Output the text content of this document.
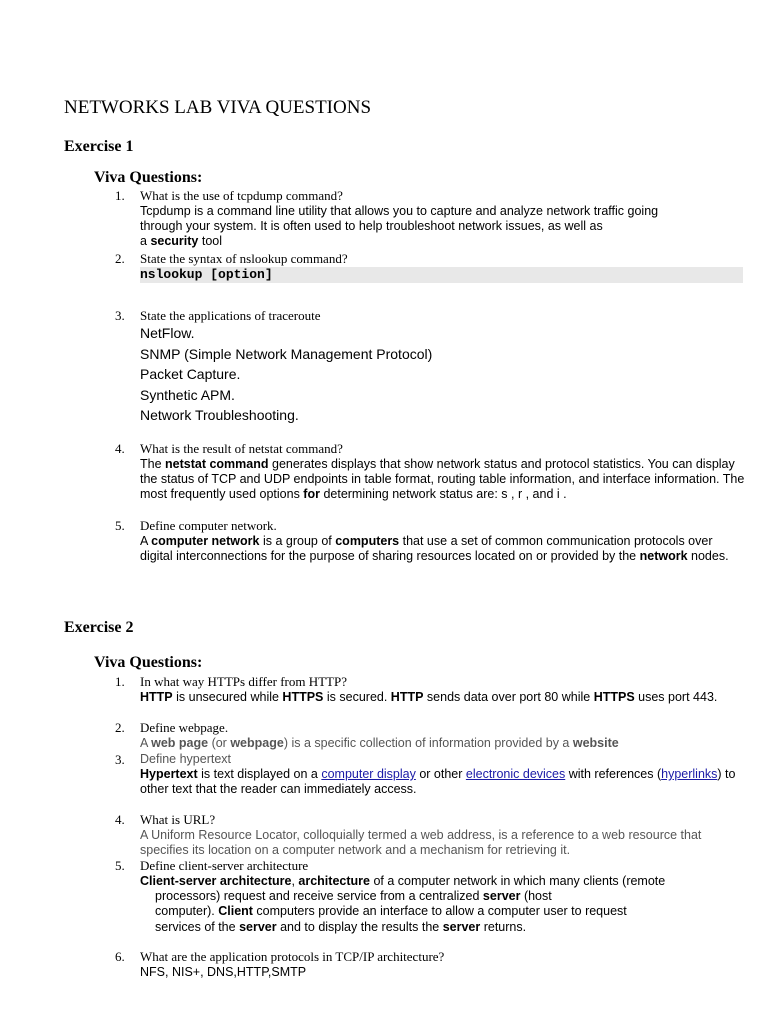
NETWORKS LAB VIVA QUESTIONS
Exercise 1
Viva Questions:
1. What is the use of tcpdump command?
Tcpdump is a command line utility that allows you to capture and analyze network traffic going
through your system. It is often used to help troubleshoot network issues, as well as
a security tool
2. State the syntax of nslookup command?
nslookup [option]
3. State the applications of traceroute
NetFlow.
SNMP (Simple Network Management Protocol)
Packet Capture.
Synthetic APM.
Network Troubleshooting.
4. What is the result of netstat command?
The netstat command generates displays that show network status and protocol statistics. You can display the status of TCP and UDP endpoints in table format, routing table information, and interface information. The most frequently used options for determining network status are: s , r , and i .
5. Define computer network.
A computer network is a group of computers that use a set of common communication protocols over digital interconnections for the purpose of sharing resources located on or provided by the network nodes.
Exercise 2
Viva Questions:
1. In what way HTTPs differ from HTTP?
HTTP is unsecured while HTTPS is secured. HTTP sends data over port 80 while HTTPS uses port 443.
2. Define webpage.
A web page (or webpage) is a specific collection of information provided by a website
3. Define hypertext
Hypertext is text displayed on a computer display or other electronic devices with references (hyperlinks) to other text that the reader can immediately access.
4. What is URL?
A Uniform Resource Locator, colloquially termed a web address, is a reference to a web resource that specifies its location on a computer network and a mechanism for retrieving it.
5. Define client-server architecture
Client-server architecture, architecture of a computer network in which many clients (remote
processors) request and receive service from a centralized server (host
computer). Client computers provide an interface to allow a computer user to request
services of the server and to display the results the server returns.
6. What are the application protocols in TCP/IP architecture?
NFS, NIS+, DNS,HTTP,SMTP
